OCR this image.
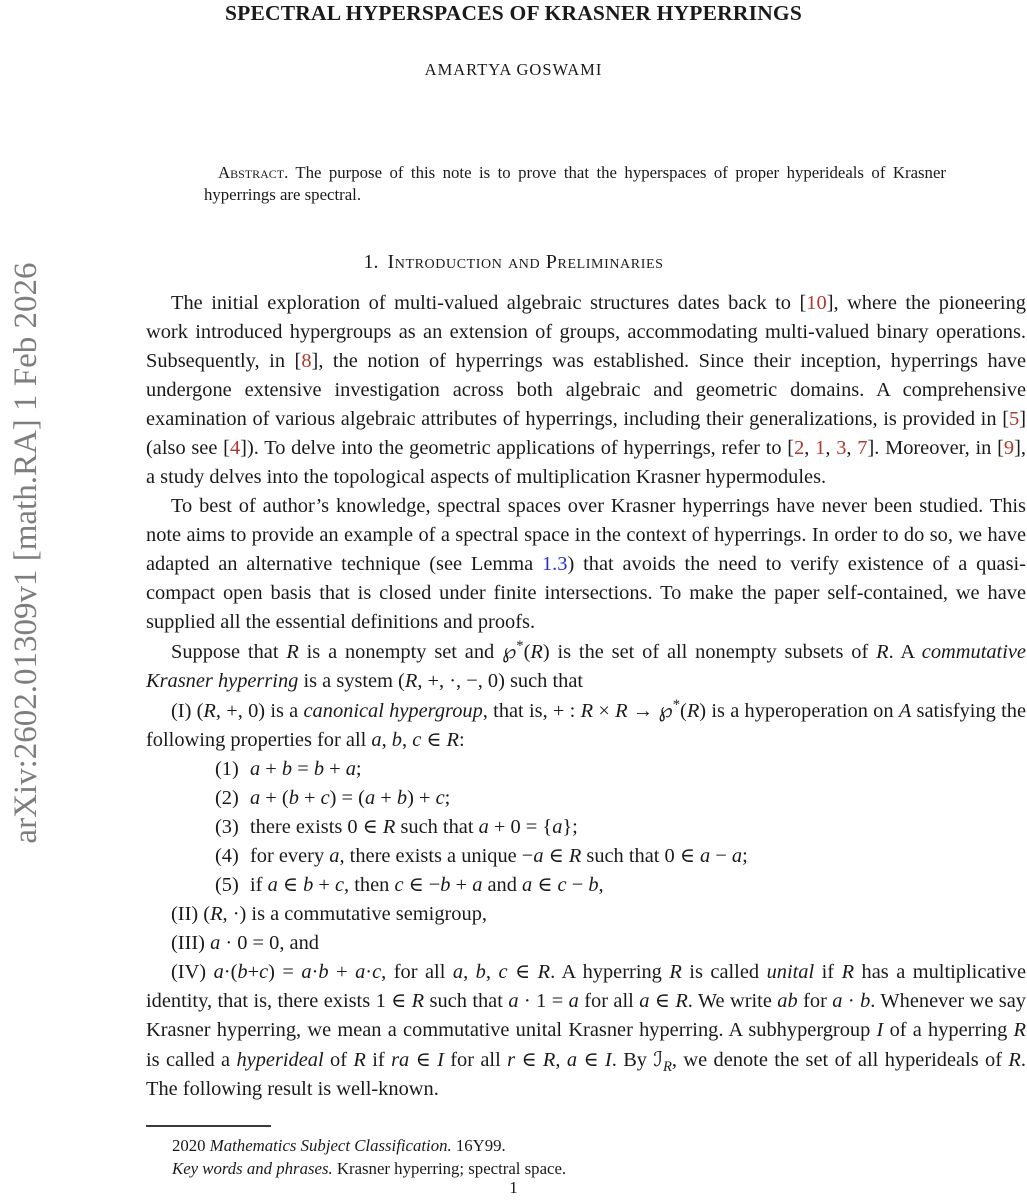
arXiv:2602.01309v1 [math.RA] 1 Feb 2026
SPECTRAL HYPERSPACES OF KRASNER HYPERRINGS
AMARTYA GOSWAMI
Abstract. The purpose of this note is to prove that the hyperspaces of proper hyperideals of Krasner hyperrings are spectral.
1. Introduction and Preliminaries

The initial exploration of multi-valued algebraic structures dates back to [10], where the pioneering work introduced hypergroups as an extension of groups, accommodating multi-valued binary operations. Subsequently, in [8], the notion of hyperrings was established. Since their inception, hyperrings have undergone extensive investigation across both algebraic and geometric domains. A comprehensive examination of various algebraic attributes of hyperrings, including their generalizations, is provided in [5] (also see [4]). To delve into the geometric applications of hyperrings, refer to [2, 1, 3, 7]. Moreover, in [9], a study delves into the topological aspects of multiplication Krasner hypermodules.

To best of author’s knowledge, spectral spaces over Krasner hyperrings have never been studied. This note aims to provide an example of a spectral space in the context of hyperrings. In order to do so, we have adapted an alternative technique (see Lemma 1.3) that avoids the need to verify existence of a quasi-compact open basis that is closed under finite intersections. To make the paper self-contained, we have supplied all the essential definitions and proofs.

Suppose that R is a nonempty set and ℘*(R) is the set of all nonempty subsets of R. A commutative Krasner hyperring is a system (R, +, ·, −, 0) such that

(I) (R, +, 0) is a canonical hypergroup, that is, + : R × R → ℘*(R) is a hyperoperation on A satisfying the following properties for all a, b, c ∈ R:

(1) a + b = b + a;
(2) a + (b + c) = (a + b) + c;
(3) there exists 0 ∈ R such that a + 0 = {a};
(4) for every a, there exists a unique −a ∈ R such that 0 ∈ a − a;
(5) if a ∈ b + c, then c ∈ −b + a and a ∈ c − b,

(II) (R, ·) is a commutative semigroup,

(III) a · 0 = 0, and

(IV) a·(b+c) = a·b + a·c, for all a, b, c ∈ R. A hyperring R is called unital if R has a multiplicative identity, that is, there exists 1 ∈ R such that a · 1 = a for all a ∈ R. We write ab for a · b. Whenever we say Krasner hyperring, we mean a commutative unital Krasner hyperring. A subhypergroup I of a hyperring R is called a hyperideal of R if ra ∈ I for all r ∈ R, a ∈ I. By ℐ$_R$, we denote the set of all hyperideals of R. The following result is well-known.

2020 Mathematics Subject Classification. 16Y99.
Key words and phrases. Krasner hyperring; spectral space.
1
